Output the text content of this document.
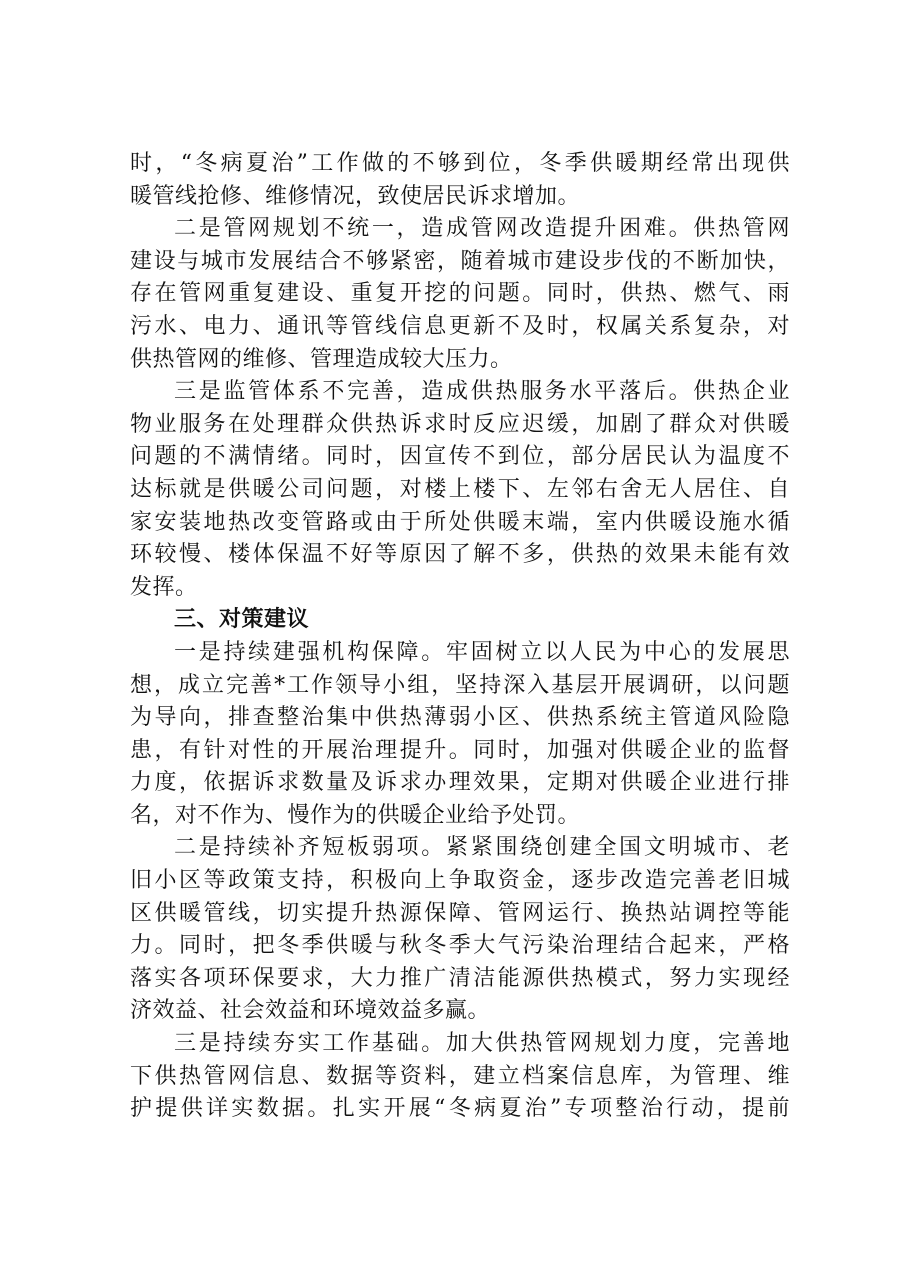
时，“冬病夏治”工作做的不够到位，冬季供暖期经常出现供
暖管线抢修、维修情况，致使居民诉求增加。
二是管网规划不统一，造成管网改造提升困难。供热管网
建设与城市发展结合不够紧密，随着城市建设步伐的不断加快，
存在管网重复建设、重复开挖的问题。同时，供热、燃气、雨
污水、电力、通讯等管线信息更新不及时，权属关系复杂，对
供热管网的维修、管理造成较大压力。
三是监管体系不完善，造成供热服务水平落后。供热企业
物业服务在处理群众供热诉求时反应迟缓，加剧了群众对供暖
问题的不满情绪。同时，因宣传不到位，部分居民认为温度不
达标就是供暖公司问题，对楼上楼下、左邻右舍无人居住、自
家安装地热改变管路或由于所处供暖末端，室内供暖设施水循
环较慢、楼体保温不好等原因了解不多，供热的效果未能有效
发挥。
三、对策建议
一是持续建强机构保障。牢固树立以人民为中心的发展思
想，成立完善*工作领导小组，坚持深入基层开展调研，以问题
为导向，排查整治集中供热薄弱小区、供热系统主管道风险隐
患，有针对性的开展治理提升。同时，加强对供暖企业的监督
力度，依据诉求数量及诉求办理效果，定期对供暖企业进行排
名，对不作为、慢作为的供暖企业给予处罚。
二是持续补齐短板弱项。紧紧围绕创建全国文明城市、老
旧小区等政策支持，积极向上争取资金，逐步改造完善老旧城
区供暖管线，切实提升热源保障、管网运行、换热站调控等能
力。同时，把冬季供暖与秋冬季大气污染治理结合起来，严格
落实各项环保要求，大力推广清洁能源供热模式，努力实现经
济效益、社会效益和环境效益多赢。
三是持续夯实工作基础。加大供热管网规划力度，完善地
下供热管网信息、数据等资料，建立档案信息库，为管理、维
护提供详实数据。扎实开展“冬病夏治”专项整治行动，提前
